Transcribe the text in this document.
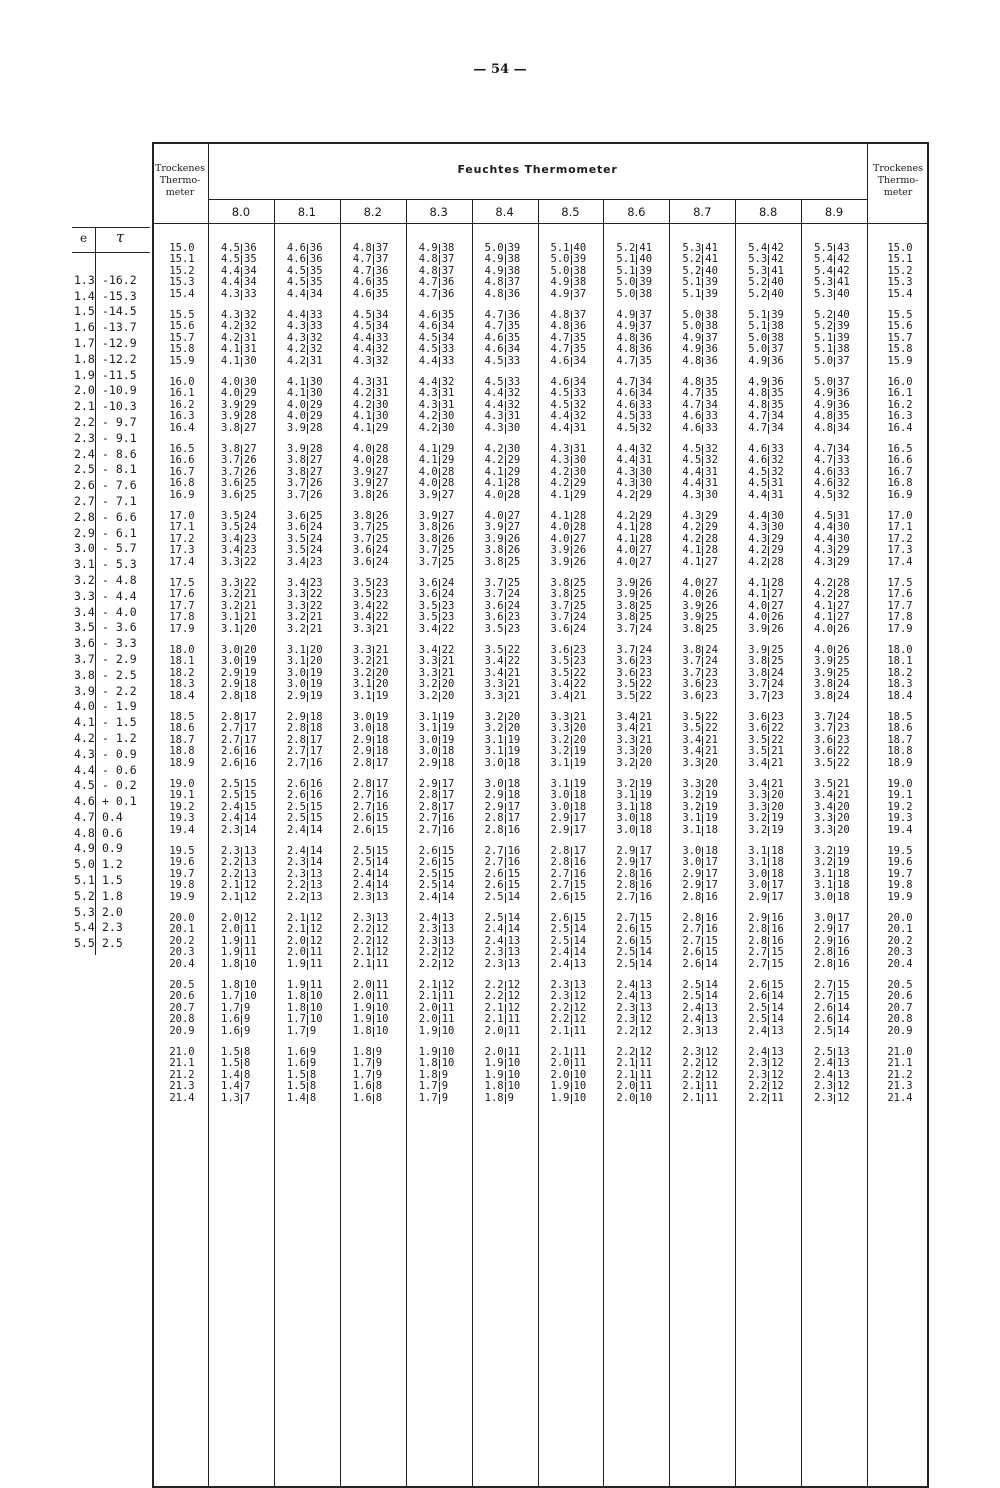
— 54 —
e τ
1.3 -16.2
1.4 -15.3
1.5 -14.5
1.6 -13.7
1.7 -12.9
1.8 -12.2
1.9 -11.5
2.0 -10.9
2.1 -10.3
2.2 - 9.7
2.3 - 9.1
2.4 - 8.6
2.5 - 8.1
2.6 - 7.6
2.7 - 7.1
2.8 - 6.6
2.9 - 6.1
3.0 - 5.7
3.1 - 5.3
3.2 - 4.8
3.3 - 4.4
3.4 - 4.0
3.5 - 3.6
3.6 - 3.3
3.7 - 2.9
3.8 - 2.5
3.9 - 2.2
4.0 - 1.9
4.1 - 1.5
4.2 - 1.2
4.3 - 0.9
4.4 - 0.6
4.5 - 0.2
4.6 + 0.1
4.7 0.4
4.8 0.6
4.9 0.9
5.0 1.2
5.1 1.5
5.2 1.8
5.3 2.0
5.4 2.3
5.5 2.5
Trockenes
Thermo-
meter
Trockenes
Thermo-
meter
Feuchtes Thermometer
8.0	8.1	8.2	8.3	8.4	8.5	8.6	8.7	8.8	8.9
15.0	4.5 36	4.6 36	4.8 37	4.9 38	5.0 39	5.1 40	5.2 41	5.3 41	5.4 42	5.5 43	15.0
15.1	4.5 35	4.6 36	4.7 37	4.8 37	4.9 38	5.0 39	5.1 40	5.2 41	5.3 42	5.4 42	15.1
15.2	4.4 34	4.5 35	4.7 36	4.8 37	4.9 38	5.0 38	5.1 39	5.2 40	5.3 41	5.4 42	15.2
15.3	4.4 34	4.5 35	4.6 35	4.7 36	4.8 37	4.9 38	5.0 39	5.1 39	5.2 40	5.3 41	15.3
15.4	4.3 33	4.4 34	4.6 35	4.7 36	4.8 36	4.9 37	5.0 38	5.1 39	5.2 40	5.3 40	15.4
15.5	4.3 32	4.4 33	4.5 34	4.6 35	4.7 36	4.8 37	4.9 37	5.0 38	5.1 39	5.2 40	15.5
15.6	4.2 32	4.3 33	4.5 34	4.6 34	4.7 35	4.8 36	4.9 37	5.0 38	5.1 38	5.2 39	15.6
15.7	4.2 31	4.3 32	4.4 33	4.5 34	4.6 35	4.7 35	4.8 36	4.9 37	5.0 38	5.1 39	15.7
15.8	4.1 31	4.2 32	4.4 32	4.5 33	4.6 34	4.7 35	4.8 36	4.9 36	5.0 37	5.1 38	15.8
15.9	4.1 30	4.2 31	4.3 32	4.4 33	4.5 33	4.6 34	4.7 35	4.8 36	4.9 36	5.0 37	15.9
16.0	4.0 30	4.1 30	4.3 31	4.4 32	4.5 33	4.6 34	4.7 34	4.8 35	4.9 36	5.0 37	16.0
16.1	4.0 29	4.1 30	4.2 31	4.3 31	4.4 32	4.5 33	4.6 34	4.7 35	4.8 35	4.9 36	16.1
16.2	3.9 29	4.0 29	4.2 30	4.3 31	4.4 32	4.5 32	4.6 33	4.7 34	4.8 35	4.9 36	16.2
16.3	3.9 28	4.0 29	4.1 30	4.2 30	4.3 31	4.4 32	4.5 33	4.6 33	4.7 34	4.8 35	16.3
16.4	3.8 27	3.9 28	4.1 29	4.2 30	4.3 30	4.4 31	4.5 32	4.6 33	4.7 34	4.8 34	16.4
16.5	3.8 27	3.9 28	4.0 28	4.1 29	4.2 30	4.3 31	4.4 32	4.5 32	4.6 33	4.7 34	16.5
16.6	3.7 26	3.8 27	4.0 28	4.1 29	4.2 29	4.3 30	4.4 31	4.5 32	4.6 32	4.7 33	16.6
16.7	3.7 26	3.8 27	3.9 27	4.0 28	4.1 29	4.2 30	4.3 30	4.4 31	4.5 32	4.6 33	16.7
16.8	3.6 25	3.7 26	3.9 27	4.0 28	4.1 28	4.2 29	4.3 30	4.4 31	4.5 31	4.6 32	16.8
16.9	3.6 25	3.7 26	3.8 26	3.9 27	4.0 28	4.1 29	4.2 29	4.3 30	4.4 31	4.5 32	16.9
17.0	3.5 24	3.6 25	3.8 26	3.9 27	4.0 27	4.1 28	4.2 29	4.3 29	4.4 30	4.5 31	17.0
17.1	3.5 24	3.6 24	3.7 25	3.8 26	3.9 27	4.0 28	4.1 28	4.2 29	4.3 30	4.4 30	17.1
17.2	3.4 23	3.5 24	3.7 25	3.8 26	3.9 26	4.0 27	4.1 28	4.2 28	4.3 29	4.4 30	17.2
17.3	3.4 23	3.5 24	3.6 24	3.7 25	3.8 26	3.9 26	4.0 27	4.1 28	4.2 29	4.3 29	17.3
17.4	3.3 22	3.4 23	3.6 24	3.7 25	3.8 25	3.9 26	4.0 27	4.1 27	4.2 28	4.3 29	17.4
17.5	3.3 22	3.4 23	3.5 23	3.6 24	3.7 25	3.8 25	3.9 26	4.0 27	4.1 28	4.2 28	17.5
17.6	3.2 21	3.3 22	3.5 23	3.6 24	3.7 24	3.8 25	3.9 26	4.0 26	4.1 27	4.2 28	17.6
17.7	3.2 21	3.3 22	3.4 22	3.5 23	3.6 24	3.7 25	3.8 25	3.9 26	4.0 27	4.1 27	17.7
17.8	3.1 21	3.2 21	3.4 22	3.5 23	3.6 23	3.7 24	3.8 25	3.9 25	4.0 26	4.1 27	17.8
17.9	3.1 20	3.2 21	3.3 21	3.4 22	3.5 23	3.6 24	3.7 24	3.8 25	3.9 26	4.0 26	17.9
18.0	3.0 20	3.1 20	3.3 21	3.4 22	3.5 22	3.6 23	3.7 24	3.8 24	3.9 25	4.0 26	18.0
18.1	3.0 19	3.1 20	3.2 21	3.3 21	3.4 22	3.5 23	3.6 23	3.7 24	3.8 25	3.9 25	18.1
18.2	2.9 19	3.0 19	3.2 20	3.3 21	3.4 21	3.5 22	3.6 23	3.7 23	3.8 24	3.9 25	18.2
18.3	2.9 18	3.0 19	3.1 20	3.2 20	3.3 21	3.4 22	3.5 22	3.6 23	3.7 24	3.8 24	18.3
18.4	2.8 18	2.9 19	3.1 19	3.2 20	3.3 21	3.4 21	3.5 22	3.6 23	3.7 23	3.8 24	18.4
18.5	2.8 17	2.9 18	3.0 19	3.1 19	3.2 20	3.3 21	3.4 21	3.5 22	3.6 23	3.7 24	18.5
18.6	2.7 17	2.8 18	3.0 18	3.1 19	3.2 20	3.3 20	3.4 21	3.5 22	3.6 22	3.7 23	18.6
18.7	2.7 17	2.8 17	2.9 18	3.0 19	3.1 19	3.2 20	3.3 21	3.4 21	3.5 22	3.6 23	18.7
18.8	2.6 16	2.7 17	2.9 18	3.0 18	3.1 19	3.2 19	3.3 20	3.4 21	3.5 21	3.6 22	18.8
18.9	2.6 16	2.7 16	2.8 17	2.9 18	3.0 18	3.1 19	3.2 20	3.3 20	3.4 21	3.5 22	18.9
19.0	2.5 15	2.6 16	2.8 17	2.9 17	3.0 18	3.1 19	3.2 19	3.3 20	3.4 21	3.5 21	19.0
19.1	2.5 15	2.6 16	2.7 16	2.8 17	2.9 18	3.0 18	3.1 19	3.2 19	3.3 20	3.4 21	19.1
19.2	2.4 15	2.5 15	2.7 16	2.8 17	2.9 17	3.0 18	3.1 18	3.2 19	3.3 20	3.4 20	19.2
19.3	2.4 14	2.5 15	2.6 15	2.7 16	2.8 17	2.9 17	3.0 18	3.1 19	3.2 19	3.3 20	19.3
19.4	2.3 14	2.4 14	2.6 15	2.7 16	2.8 16	2.9 17	3.0 18	3.1 18	3.2 19	3.3 20	19.4
19.5	2.3 13	2.4 14	2.5 15	2.6 15	2.7 16	2.8 17	2.9 17	3.0 18	3.1 18	3.2 19	19.5
19.6	2.2 13	2.3 14	2.5 14	2.6 15	2.7 16	2.8 16	2.9 17	3.0 17	3.1 18	3.2 19	19.6
19.7	2.2 13	2.3 13	2.4 14	2.5 15	2.6 15	2.7 16	2.8 16	2.9 17	3.0 18	3.1 18	19.7
19.8	2.1 12	2.2 13	2.4 14	2.5 14	2.6 15	2.7 15	2.8 16	2.9 17	3.0 17	3.1 18	19.8
19.9	2.1 12	2.2 13	2.3 13	2.4 14	2.5 14	2.6 15	2.7 16	2.8 16	2.9 17	3.0 18	19.9
20.0	2.0 12	2.1 12	2.3 13	2.4 13	2.5 14	2.6 15	2.7 15	2.8 16	2.9 16	3.0 17	20.0
20.1	2.0 11	2.1 12	2.2 12	2.3 13	2.4 14	2.5 14	2.6 15	2.7 16	2.8 16	2.9 17	20.1
20.2	1.9 11	2.0 12	2.2 12	2.3 13	2.4 13	2.5 14	2.6 15	2.7 15	2.8 16	2.9 16	20.2
20.3	1.9 11	2.0 11	2.1 12	2.2 12	2.3 13	2.4 14	2.5 14	2.6 15	2.7 15	2.8 16	20.3
20.4	1.8 10	1.9 11	2.1 11	2.2 12	2.3 13	2.4 13	2.5 14	2.6 14	2.7 15	2.8 16	20.4
20.5	1.8 10	1.9 11	2.0 11	2.1 12	2.2 12	2.3 13	2.4 13	2.5 14	2.6 15	2.7 15	20.5
20.6	1.7 10	1.8 10	2.0 11	2.1 11	2.2 12	2.3 12	2.4 13	2.5 14	2.6 14	2.7 15	20.6
20.7	1.7 9	1.8 10	1.9 10	2.0 11	2.1 12	2.2 12	2.3 13	2.4 13	2.5 14	2.6 14	20.7
20.8	1.6 9	1.7 10	1.9 10	2.0 11	2.1 11	2.2 12	2.3 12	2.4 13	2.5 14	2.6 14	20.8
20.9	1.6 9	1.7 9	1.8 10	1.9 10	2.0 11	2.1 11	2.2 12	2.3 13	2.4 13	2.5 14	20.9
21.0	1.5 8	1.6 9	1.8 9	1.9 10	2.0 11	2.1 11	2.2 12	2.3 12	2.4 13	2.5 13	21.0
21.1	1.5 8	1.6 9	1.7 9	1.8 10	1.9 10	2.0 11	2.1 11	2.2 12	2.3 12	2.4 13	21.1
21.2	1.4 8	1.5 8	1.7 9	1.8 9	1.9 10	2.0 10	2.1 11	2.2 12	2.3 12	2.4 13	21.2
21.3	1.4 7	1.5 8	1.6 8	1.7 9	1.8 10	1.9 10	2.0 11	2.1 11	2.2 12	2.3 12	21.3
21.4	1.3 7	1.4 8	1.6 8	1.7 9	1.8 9	1.9 10	2.0 10	2.1 11	2.2 11	2.3 12	21.4
